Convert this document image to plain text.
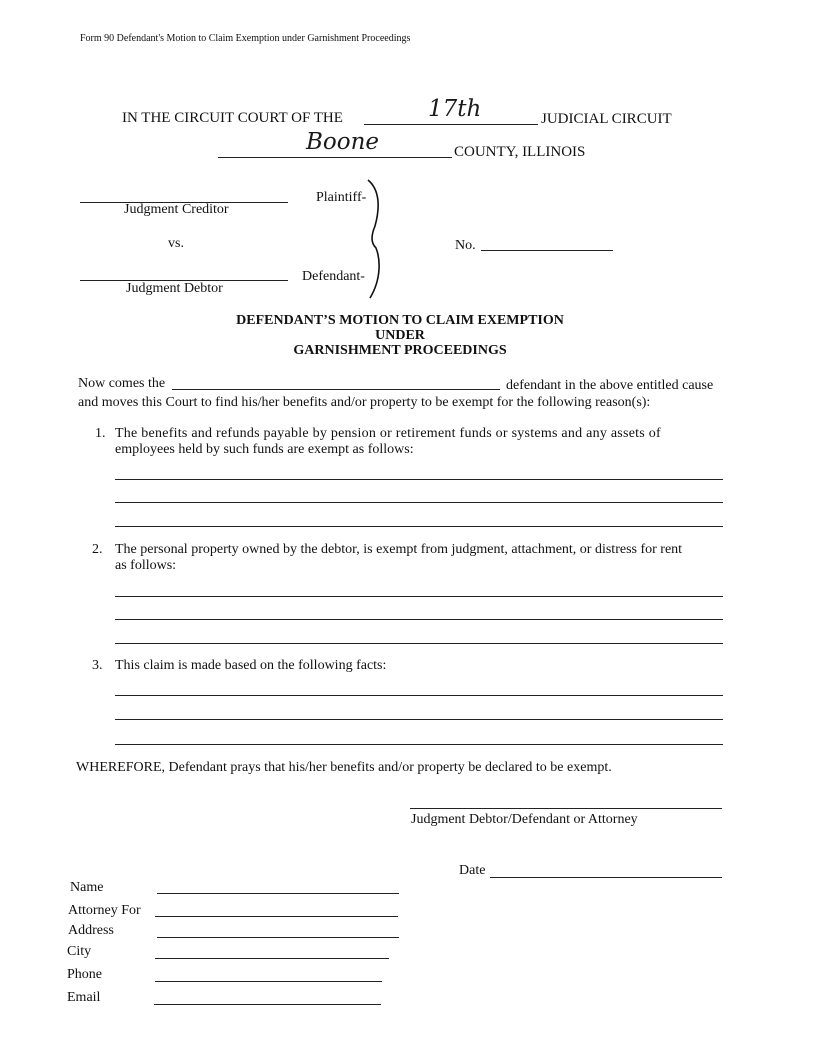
Form 90 Defendant's Motion to Claim Exemption under Garnishment Proceedings
IN THE CIRCUIT COURT OF THE	17th	JUDICIAL CIRCUIT
Boone	COUNTY, ILLINOIS
Judgment Creditor
Plaintiff-
vs.
Judgment Debtor
Defendant-
No.
DEFENDANT’S MOTION TO CLAIM EXEMPTION
UNDER
GARNISHMENT PROCEEDINGS
Now comes the	defendant in the above entitled cause
and moves this Court to find his/her benefits and/or property to be exempt for the following reason(s):
1. The benefits and refunds payable by pension or retirement funds or systems and any assets of
employees held by such funds are exempt as follows:
2. The personal property owned by the debtor, is exempt from judgment, attachment, or distress for rent
as follows:
3. This claim is made based on the following facts:
WHEREFORE, Defendant prays that his/her benefits and/or property be declared to be exempt.
Judgment Debtor/Defendant or Attorney
Date
Name
Attorney For
Address
City
Phone
Email
